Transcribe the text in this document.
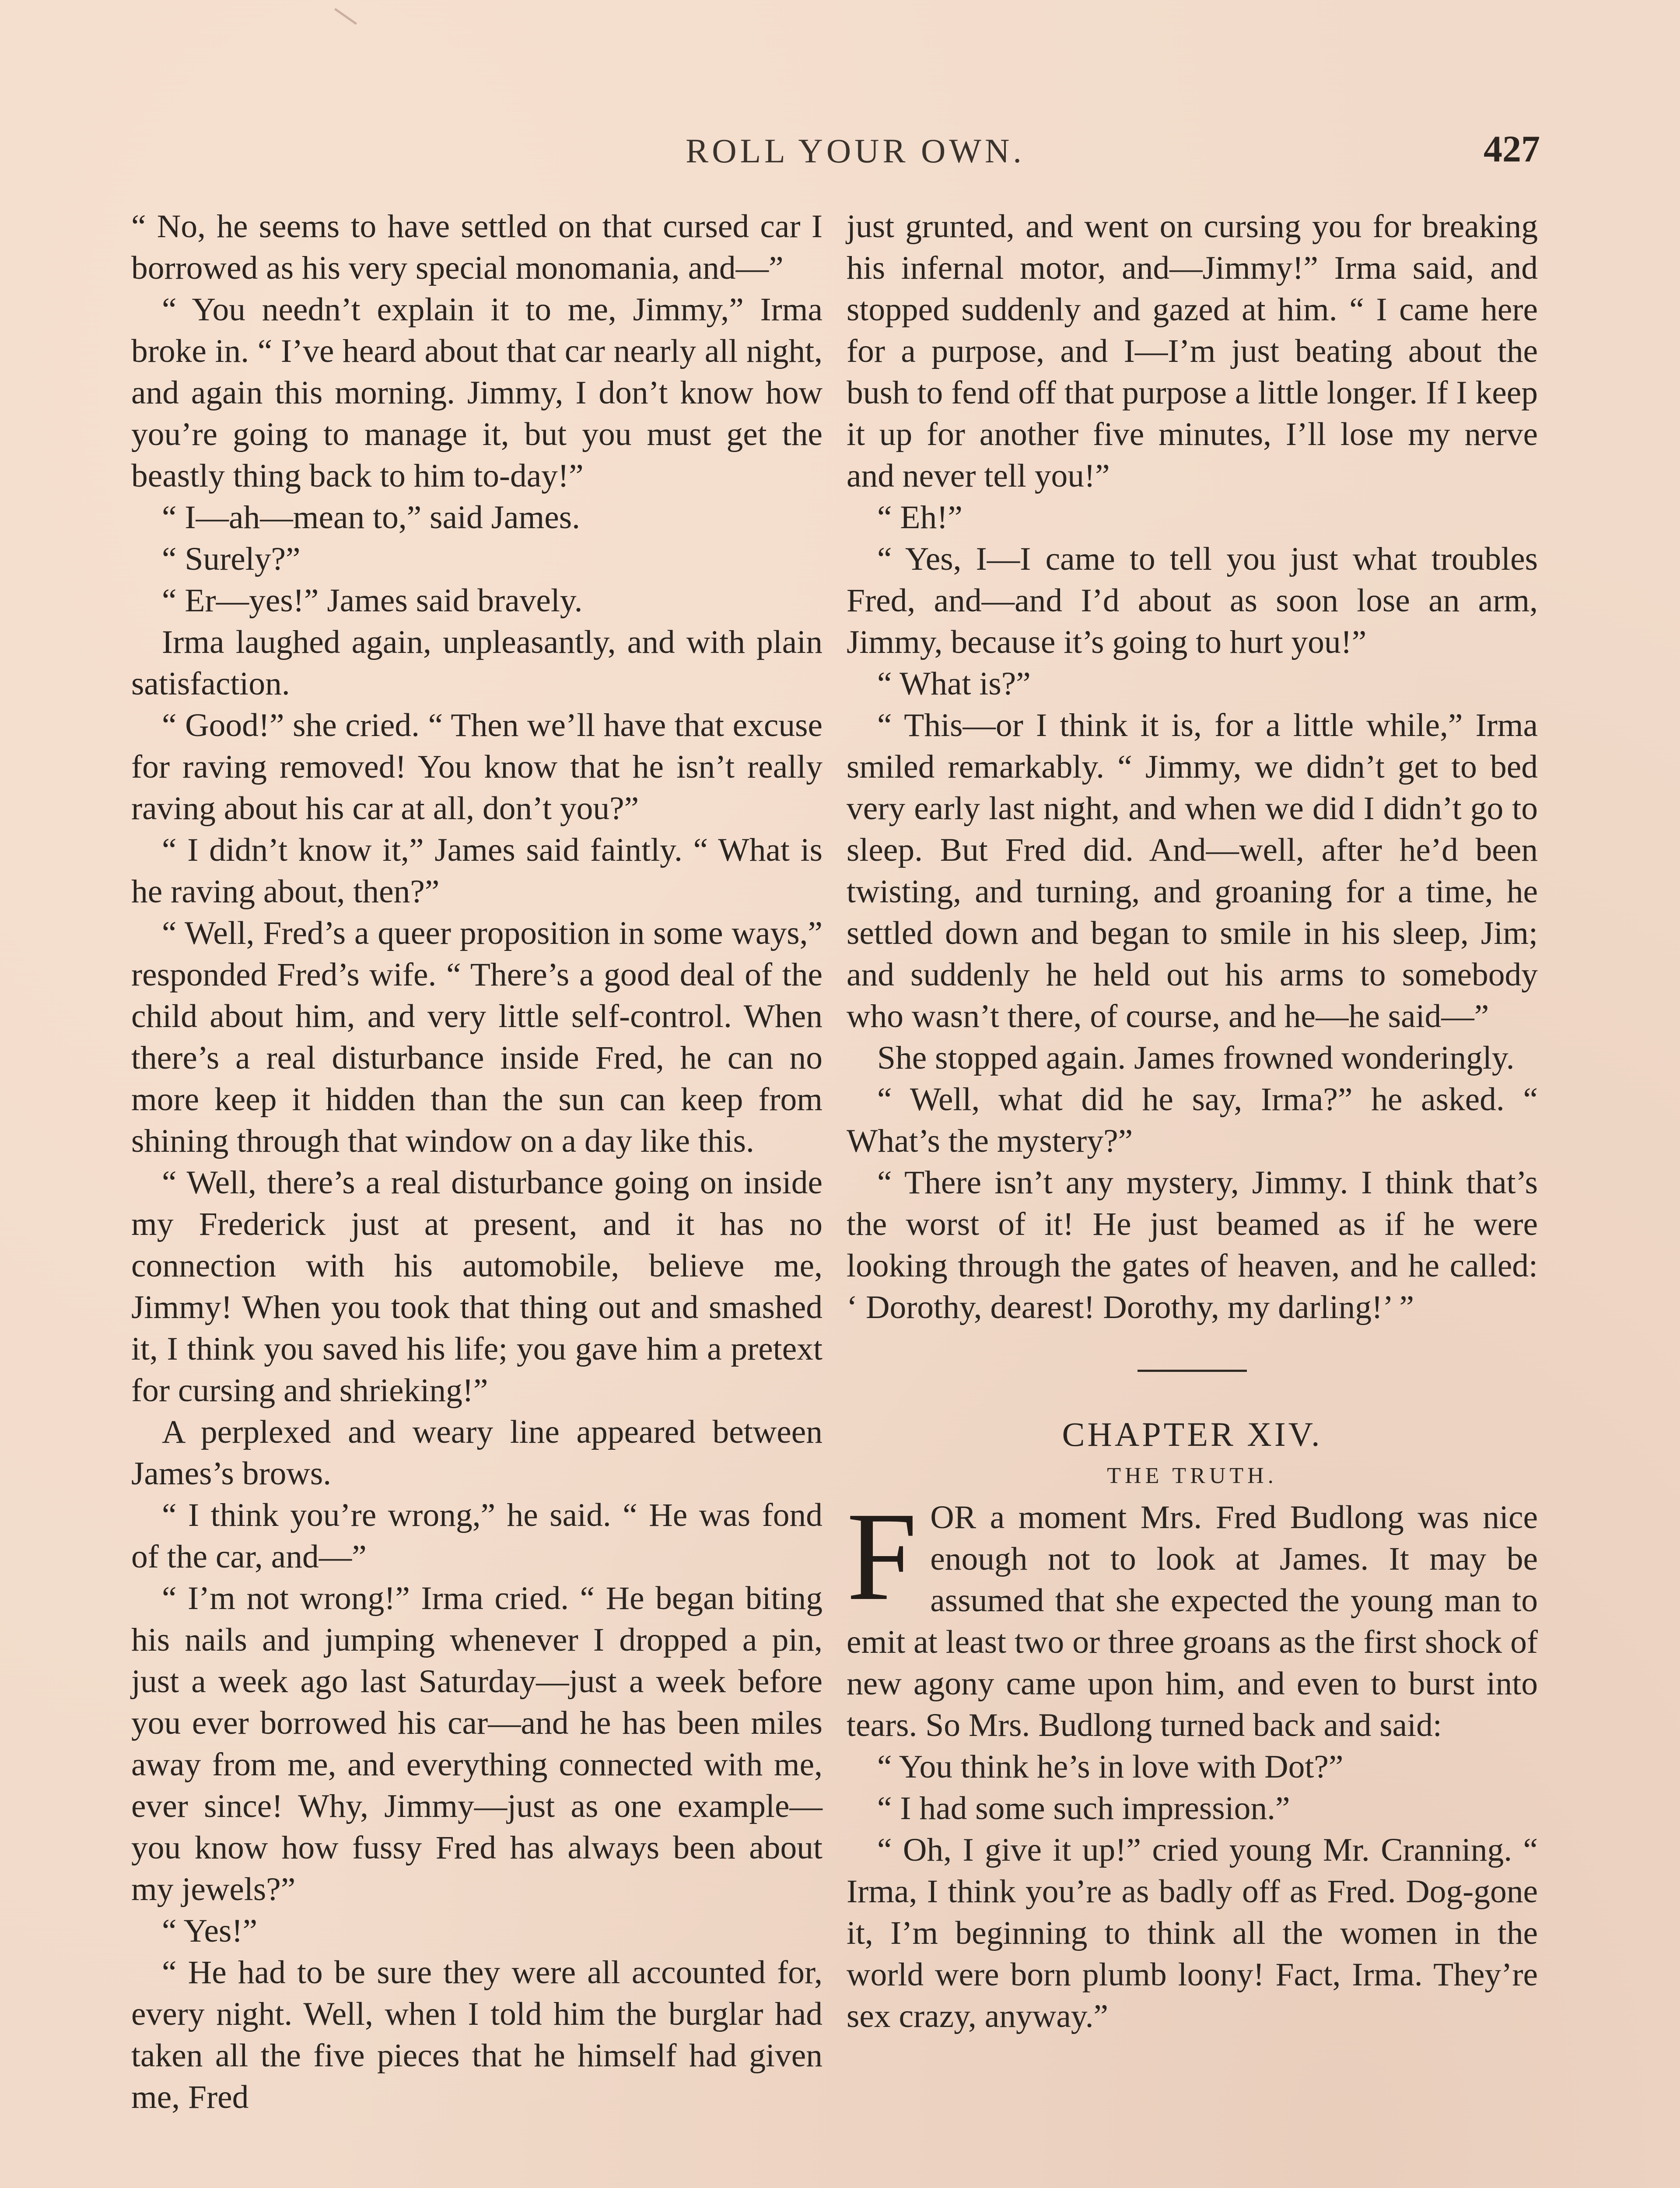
ROLL YOUR OWN.	427

“ No, he seems to have settled on that cursed car I borrowed as his very special monomania, and—”

“ You needn’t explain it to me, Jimmy,” Irma broke in. “ I’ve heard about that car nearly all night, and again this morning. Jimmy, I don’t know how you’re going to manage it, but you must get the beastly thing back to him to-day!”

“ I—ah—mean to,” said James.

“ Surely?”

“ Er—yes!” James said bravely.

Irma laughed again, unpleasantly, and with plain satisfaction.

“ Good!” she cried. “ Then we’ll have that excuse for raving removed! You know that he isn’t really raving about his car at all, don’t you?”

“ I didn’t know it,” James said faintly. “ What is he raving about, then?”

“ Well, Fred’s a queer proposition in some ways,” responded Fred’s wife. “ There’s a good deal of the child about him, and very little self-control. When there’s a real disturbance inside Fred, he can no more keep it hidden than the sun can keep from shining through that window on a day like this.

“ Well, there’s a real disturbance going on inside my Frederick just at present, and it has no connection with his automobile, believe me, Jimmy! When you took that thing out and smashed it, I think you saved his life; you gave him a pretext for cursing and shrieking!”

A perplexed and weary line appeared between James’s brows.

“ I think you’re wrong,” he said. “ He was fond of the car, and—”

“ I’m not wrong!” Irma cried. “ He began biting his nails and jumping whenever I dropped a pin, just a week ago last Saturday—just a week before you ever borrowed his car—and he has been miles away from me, and everything connected with me, ever since! Why, Jimmy—just as one example—you know how fussy Fred has always been about my jewels?”

“ Yes!”

“ He had to be sure they were all accounted for, every night. Well, when I told him the burglar had taken all the five pieces that he himself had given me, Fred

just grunted, and went on cursing you for breaking his infernal motor, and—Jimmy!” Irma said, and stopped suddenly and gazed at him. “ I came here for a purpose, and I—I’m just beating about the bush to fend off that purpose a little longer. If I keep it up for another five minutes, I’ll lose my nerve and never tell you!”

“ Eh!”

“ Yes, I—I came to tell you just what troubles Fred, and—and I’d about as soon lose an arm, Jimmy, because it’s going to hurt you!”

“ What is?”

“ This—or I think it is, for a little while,” Irma smiled remarkably. “ Jimmy, we didn’t get to bed very early last night, and when we did I didn’t go to sleep. But Fred did. And—well, after he’d been twisting, and turning, and groaning for a time, he settled down and began to smile in his sleep, Jim; and suddenly he held out his arms to somebody who wasn’t there, of course, and he—he said—”

She stopped again. James frowned wonderingly.

“ Well, what did he say, Irma?” he asked. “ What’s the mystery?”

“ There isn’t any mystery, Jimmy. I think that’s the worst of it! He just beamed as if he were looking through the gates of heaven, and he called: ‘ Dorothy, dearest! Dorothy, my darling!’ ”

CHAPTER XIV.

THE TRUTH.

FOR a moment Mrs. Fred Budlong was nice enough not to look at James. It may be assumed that she expected the young man to emit at least two or three groans as the first shock of new agony came upon him, and even to burst into tears. So Mrs. Budlong turned back and said:

“ You think he’s in love with Dot?”

“ I had some such impression.”

“ Oh, I give it up!” cried young Mr. Cranning. “ Irma, I think you’re as badly off as Fred. Dog-gone it, I’m beginning to think all the women in the world were born plumb loony! Fact, Irma. They’re sex crazy, anyway.”
